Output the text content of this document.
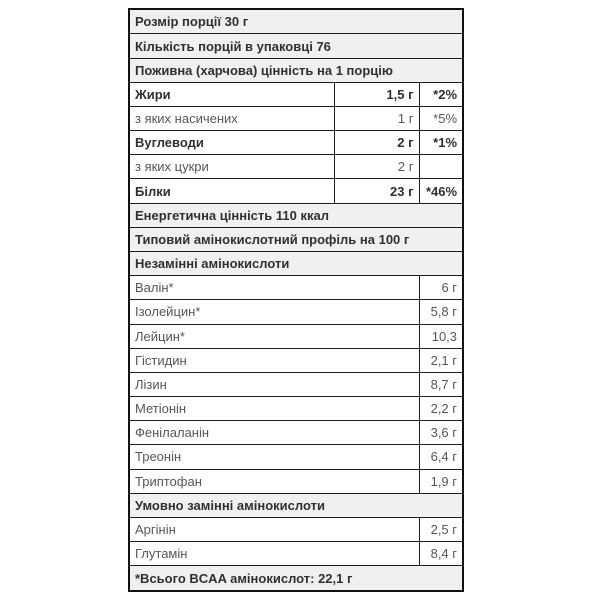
Розмір порції 30 г		
Кількість порцій в упаковці 76		
Поживна (харчова) цінність на 1 порцію		
Жири	1,5 г	*2%
з яких насичених	1 г	*5%
Вуглеводи	2 г	*1%
з яких цукри	2 г	
Білки	23 г	*46%
Енергетична цінність 110 ккал		
Типовий амінокислотний профіль на 100 г		
Незамінні амінокислоти		
Валін*		6 г
Ізолейцин*		5,8 г
Лейцин*		10,3
Гістидин		2,1 г
Лізин		8,7 г
Метіонін		2,2 г
Фенілаланін		3,6 г
Треонін		6,4 г
Триптофан		1,9 г
Умовно замінні амінокислоти		
Аргінін		2,5 г
Глутамін		8,4 г
*Всього BCAA амінокислот: 22,1 г		
